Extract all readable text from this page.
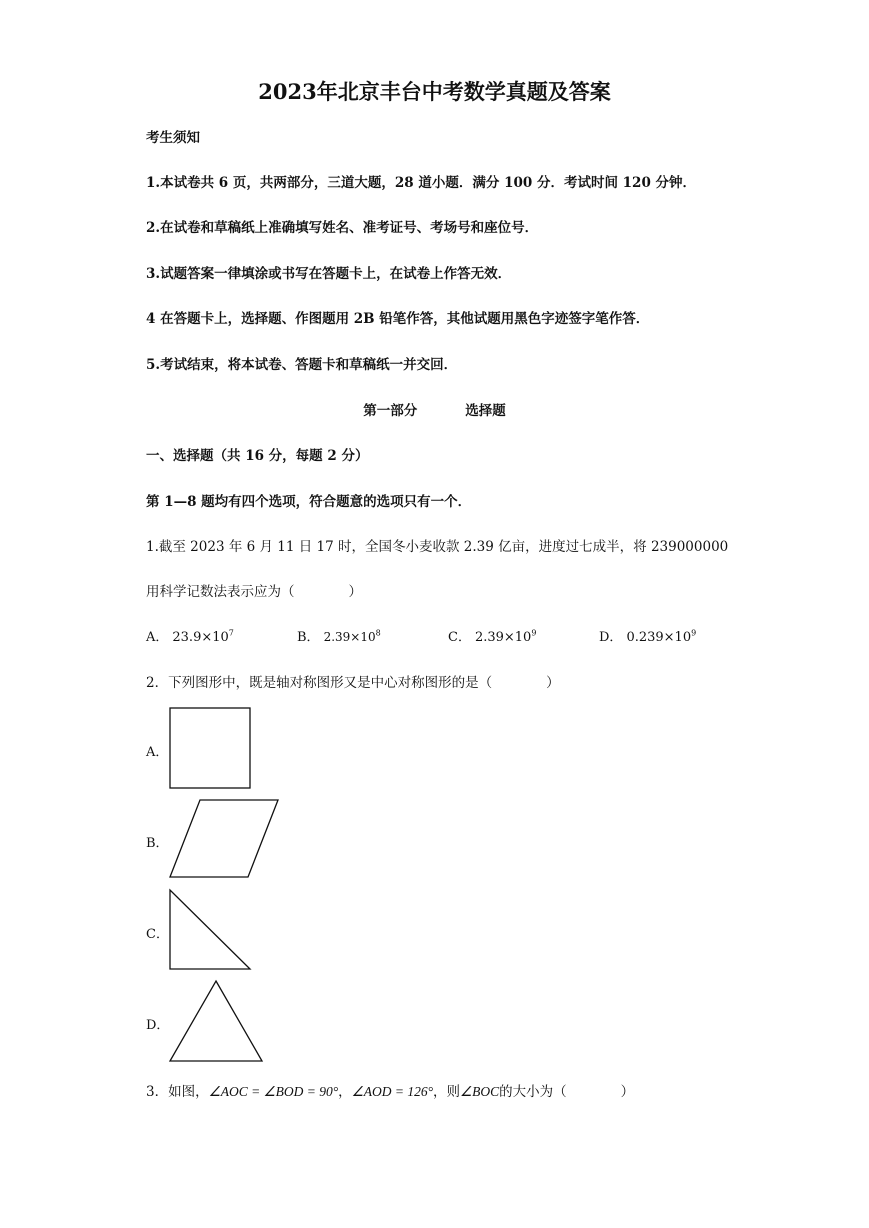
2023年北京丰台中考数学真题及答案
考生须知
1.本试卷共 6 页，共两部分，三道大题，28 道小题．满分 100 分．考试时间 120 分钟．
2.在试卷和草稿纸上准确填写姓名、准考证号、考场号和座位号．
3.试题答案一律填涂或书写在答题卡上，在试卷上作答无效．
4 在答题卡上，选择题、作图题用 2B 铅笔作答，其他试题用黑色字迹签字笔作答．
5.考试结束，将本试卷、答题卡和草稿纸一并交回．
第一部分	选择题
一、选择题（共 16 分，每题 2 分）
第 1—8 题均有四个选项，符合题意的选项只有一个．
1.截至 2023 年 6 月 11 日 17 时，全国冬小麦收款 2.39 亿亩，进度过七成半，将 239000000
用科学记数法表示应为（　　　　）
A． $23.9\times 10^7$	B． $2.39\times 10^8$	C． $2.39\times 10^9$	D． $0.239\times 10^9$
2．下列图形中，既是轴对称图形又是中心对称图形的是（　　　　）
A．
B．
C．
D．
3．如图，∠AOC = ∠BOD = 90°，∠AOD = 126°，则∠BOC的大小为（　　　　）
